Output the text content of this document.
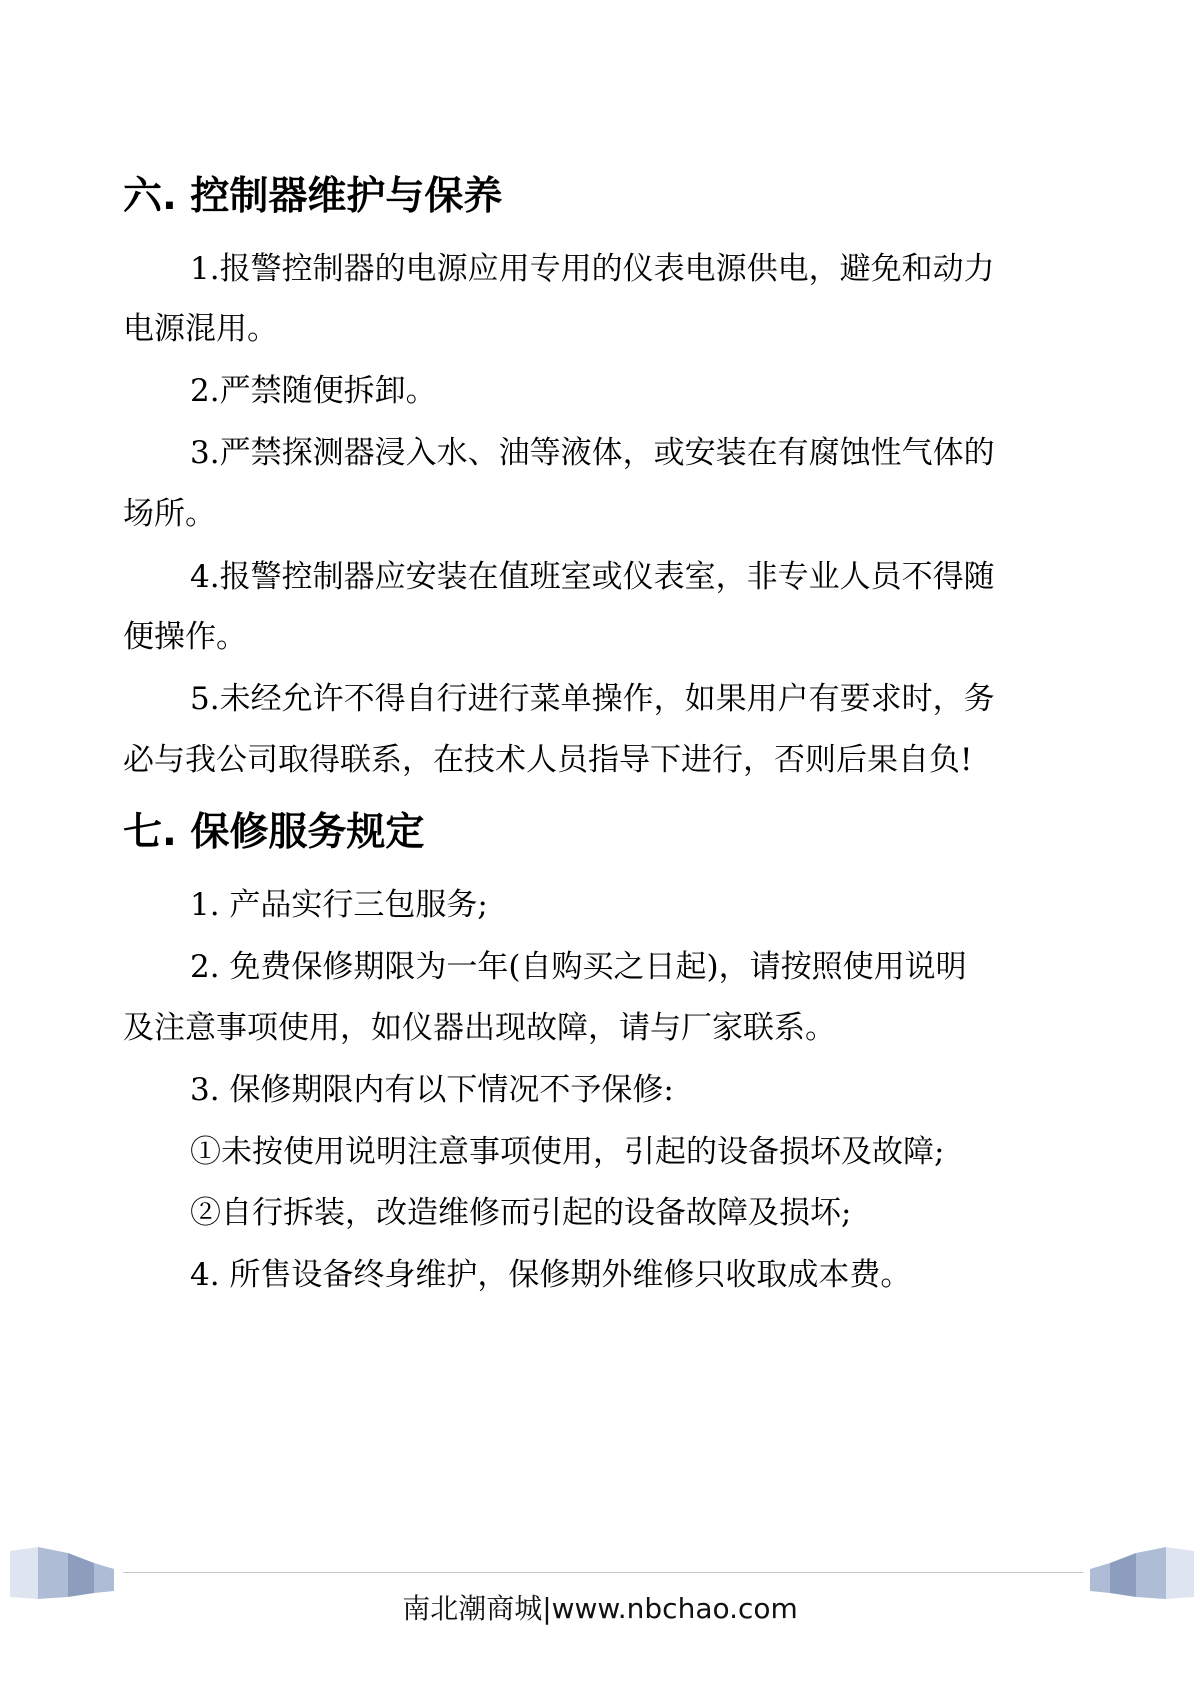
六. 控制器维护与保养

1.报警控制器的电源应用专用的仪表电源供电，避免和动力

电源混用。

2.严禁随便拆卸。

3.严禁探测器浸入水、油等液体，或安装在有腐蚀性气体的

场所。

4.报警控制器应安装在值班室或仪表室，非专业人员不得随

便操作。

5.未经允许不得自行进行菜单操作，如果用户有要求时，务

必与我公司取得联系，在技术人员指导下进行，否则后果自负!

七. 保修服务规定

1. 产品实行三包服务;

2. 免费保修期限为一年(自购买之日起)，请按照使用说明

及注意事项使用，如仪器出现故障，请与厂家联系。

3. 保修期限内有以下情况不予保修:

①未按使用说明注意事项使用，引起的设备损坏及故障;

②自行拆装，改造维修而引起的设备故障及损坏;

4. 所售设备终身维护，保修期外维修只收取成本费。

南北潮商城|www.nbchao.com
